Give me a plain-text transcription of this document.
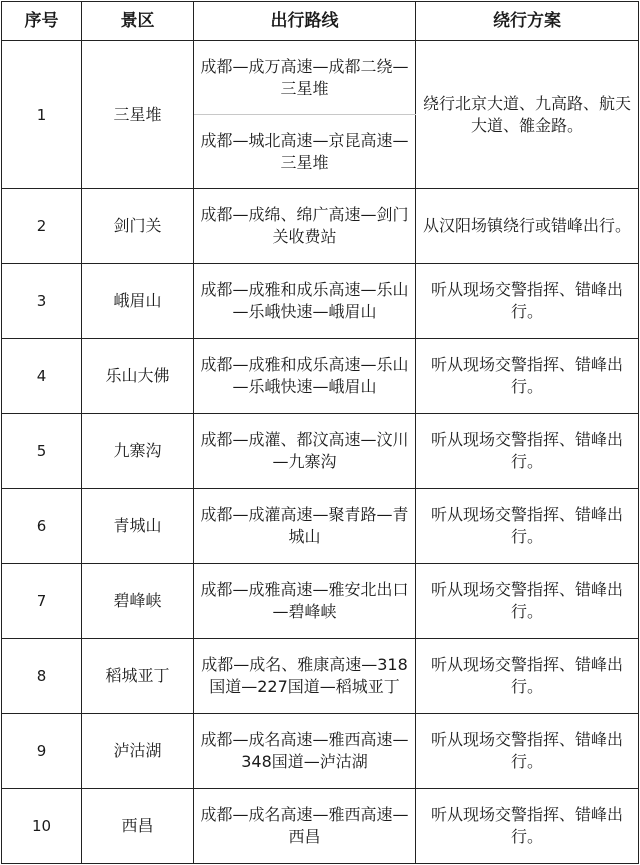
序号	景区	出行路线	绕行方案
1	三星堆	成都—成万高速—成都二绕—三星堆	绕行北京大道、九高路、航天大道、雒金路。
		成都—城北高速—京昆高速—三星堆	
2	剑门关	成都—成绵、绵广高速—剑门关收费站	从汉阳场镇绕行或错峰出行。
3	峨眉山	成都—成雅和成乐高速—乐山—乐峨快速—峨眉山	听从现场交警指挥、错峰出行。
4	乐山大佛	成都—成雅和成乐高速—乐山—乐峨快速—峨眉山	听从现场交警指挥、错峰出行。
5	九寨沟	成都—成灌、都汶高速—汶川—九寨沟	听从现场交警指挥、错峰出行。
6	青城山	成都—成灌高速—聚青路—青城山	听从现场交警指挥、错峰出行。
7	碧峰峡	成都—成雅高速—雅安北出口—碧峰峡	听从现场交警指挥、错峰出行。
8	稻城亚丁	成都—成名、雅康高速—318国道—227国道—稻城亚丁	听从现场交警指挥、错峰出行。
9	泸沽湖	成都—成名高速—雅西高速—348国道—泸沽湖	听从现场交警指挥、错峰出行。
10	西昌	成都—成名高速—雅西高速—西昌	听从现场交警指挥、错峰出行。
